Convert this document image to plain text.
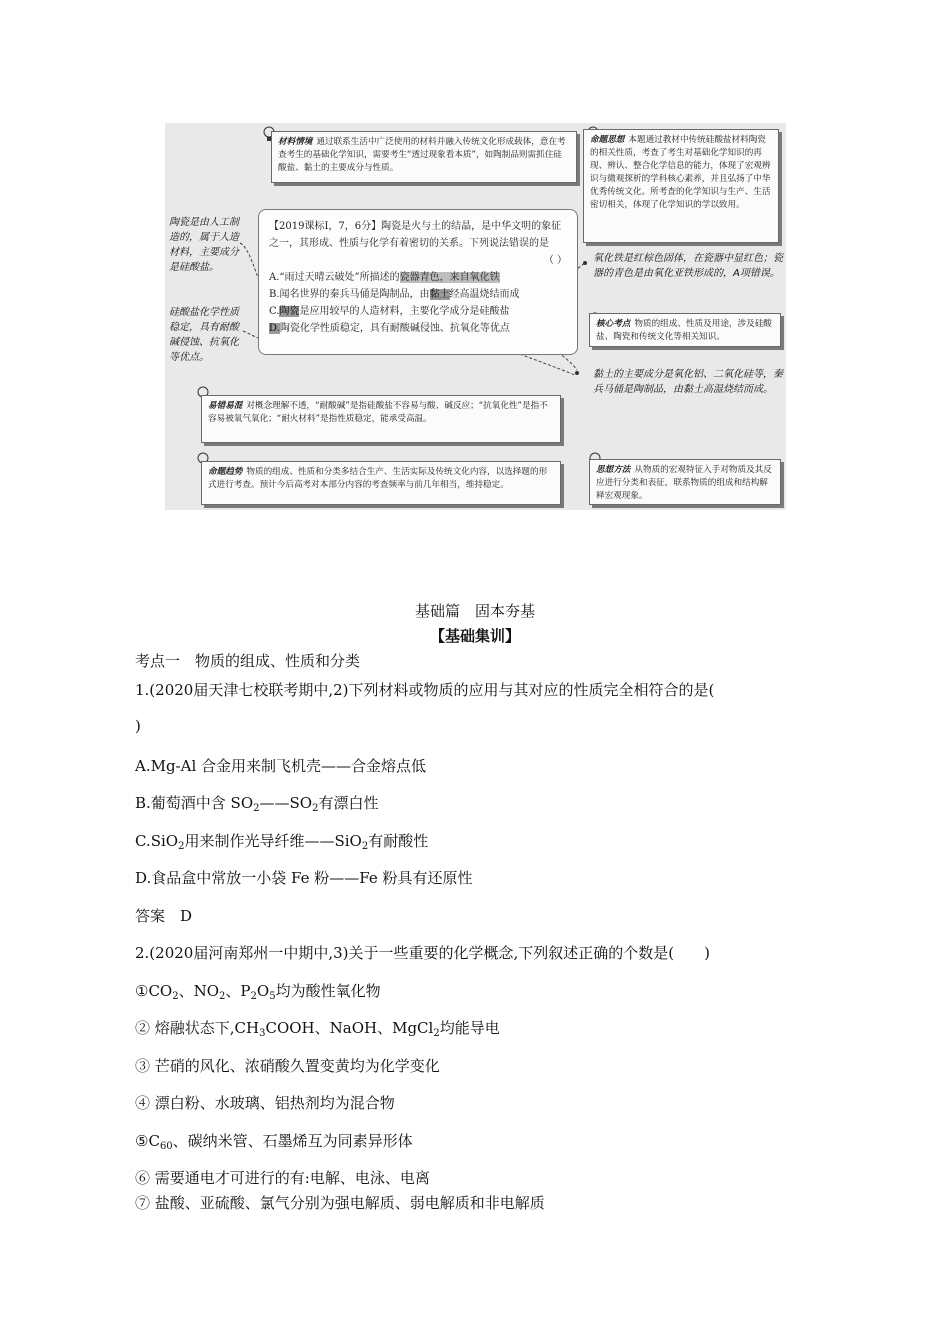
材料情境 通过联系生活中广泛使用的材料并融入传统文化形成载体，意在考查考生的基础化学知识，需要考生“透过现象看本质”，如陶制品则需抓住硅酸盐、黏土的主要成分与性质。
命题思想 本题通过教材中传统硅酸盐材料陶瓷的相关性质，考查了考生对基础化学知识的再现、辨认、整合化学信息的能力，体现了宏观辨识与微观探析的学科核心素养，并且弘扬了中华优秀传统文化。所考查的化学知识与生产、生活密切相关，体现了化学知识的学以致用。
陶瓷是由人工制造的，属于人造材料，主要成分是硅酸盐。
硅酸盐化学性质稳定，具有耐酸碱侵蚀、抗氧化等优点。
【2019课标Ⅰ，7，6分】陶瓷是火与土的结晶，是中华文明的象征之一，其形成、性质与化学有着密切的关系。下列说法错误的是
（ ）
A.“雨过天晴云破处”所描述的瓷器青色，来自氧化铁
B.闻名世界的秦兵马俑是陶制品，由黏土经高温烧结而成
C.陶瓷是应用较早的人造材料，主要化学成分是硅酸盐
D.陶瓷化学性质稳定，具有耐酸碱侵蚀、抗氧化等优点
氧化铁是红棕色固体，在瓷器中显红色；瓷器的青色是由氧化亚铁形成的，A项错误。
黏土的主要成分是氧化铝、二氧化硅等，秦兵马俑是陶制品，由黏土高温烧结而成。
核心考点 物质的组成、性质及用途，涉及硅酸盐、陶瓷和传统文化等相关知识。
易错易混 对概念理解不透，“耐酸碱”是指硅酸盐不容易与酸、碱反应；“抗氧化性”是指不容易被氧气氧化；“耐火材料”是指性质稳定，能承受高温。
命题趋势 物质的组成、性质和分类多结合生产、生活实际及传统文化内容，以选择题的形式进行考查。预计今后高考对本部分内容的考查频率与前几年相当，维持稳定。
思想方法 从物质的宏观特征入手对物质及其反应进行分类和表征，联系物质的组成和结构解释宏观现象。
基础篇　固本夯基
【基础集训】
考点一　物质的组成、性质和分类
1.(2020届天津七校联考期中,2)下列材料或物质的应用与其对应的性质完全相符合的是(
)
A.Mg-Al 合金用来制飞机壳——合金熔点低
B.葡萄酒中含 $SO_2——SO_2$有漂白性
C.SiO$_2$用来制作光导纤维——SiO$_2$有耐酸性
D.食品盒中常放一小袋 Fe 粉——Fe 粉具有还原性
答案　D
2.(2020届河南郑州一中期中,3)关于一些重要的化学概念,下列叙述正确的个数是(　　)
$①CO_2$、$NO_2$、$P_2O_5$均为酸性氧化物
② 熔融状态下$,CH_3COOH$、NaOH、MgCl$_2$均能导电
③ 芒硝的风化、浓硝酸久置变黄均为化学变化
④ 漂白粉、水玻璃、铝热剂均为混合物
$⑤C_{60}$、碳纳米管、石墨烯互为同素异形体
⑥ 需要通电才可进行的有:电解、电泳、电离
⑦ 盐酸、亚硫酸、氯气分别为强电解质、弱电解质和非电解质
